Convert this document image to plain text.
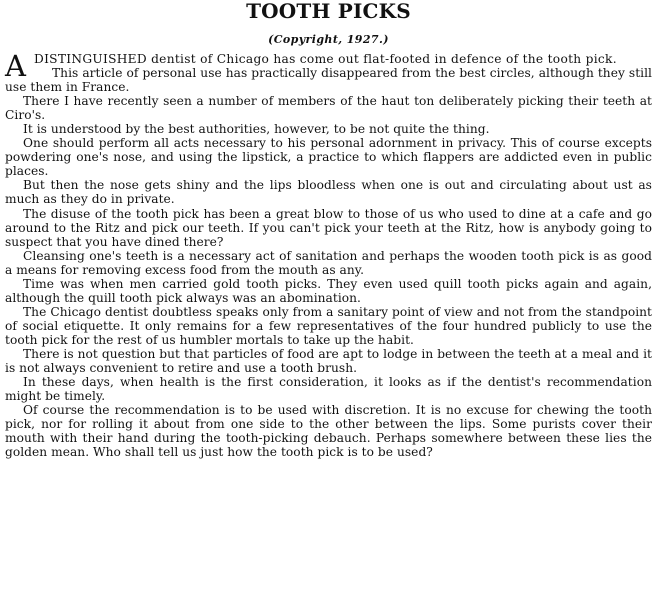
TOOTH PICKS
(Copyright, 1927.)

A DISTINGUISHED dentist of Chicago has come out flat-footed in defence of the tooth pick.

This article of personal use has practically disappeared from the best circles, although they still use them in France.

There I have recently seen a number of members of the haut ton deliberately picking their teeth at Ciro's.

It is understood by the best authorities, however, to be not quite the thing.

One should perform all acts necessary to his personal adornment in privacy. This of course excepts powdering one's nose, and using the lipstick, a practice to which flappers are addicted even in public places.

But then the nose gets shiny and the lips bloodless when one is out and circulating about ust as much as they do in private.

The disuse of the tooth pick has been a great blow to those of us who used to dine at a cafe and go around to the Ritz and pick our teeth. If you can't pick your teeth at the Ritz, how is anybody going to suspect that you have dined there?

Cleansing one's teeth is a necessary act of sanitation and perhaps the wooden tooth pick is as good a means for removing excess food from the mouth as any.

Time was when men carried gold tooth picks. They even used quill tooth picks again and again, although the quill tooth pick always was an abomination.

The Chicago dentist doubtless speaks only from a sanitary point of view and not from the standpoint of social etiquette. It only remains for a few representatives of the four hundred publicly to use the tooth pick for the rest of us humbler mortals to take up the habit.

There is not question but that particles of food are apt to lodge in between the teeth at a meal and it is not always convenient to retire and use a tooth brush.

In these days, when health is the first consideration, it looks as if the dentist's recommendation might be timely.

Of course the recommendation is to be used with discretion. It is no excuse for chewing the tooth pick, nor for rolling it about from one side to the other between the lips. Some purists cover their mouth with their hand during the tooth-picking debauch. Perhaps somewhere between these lies the golden mean. Who shall tell us just how the tooth pick is to be used?
